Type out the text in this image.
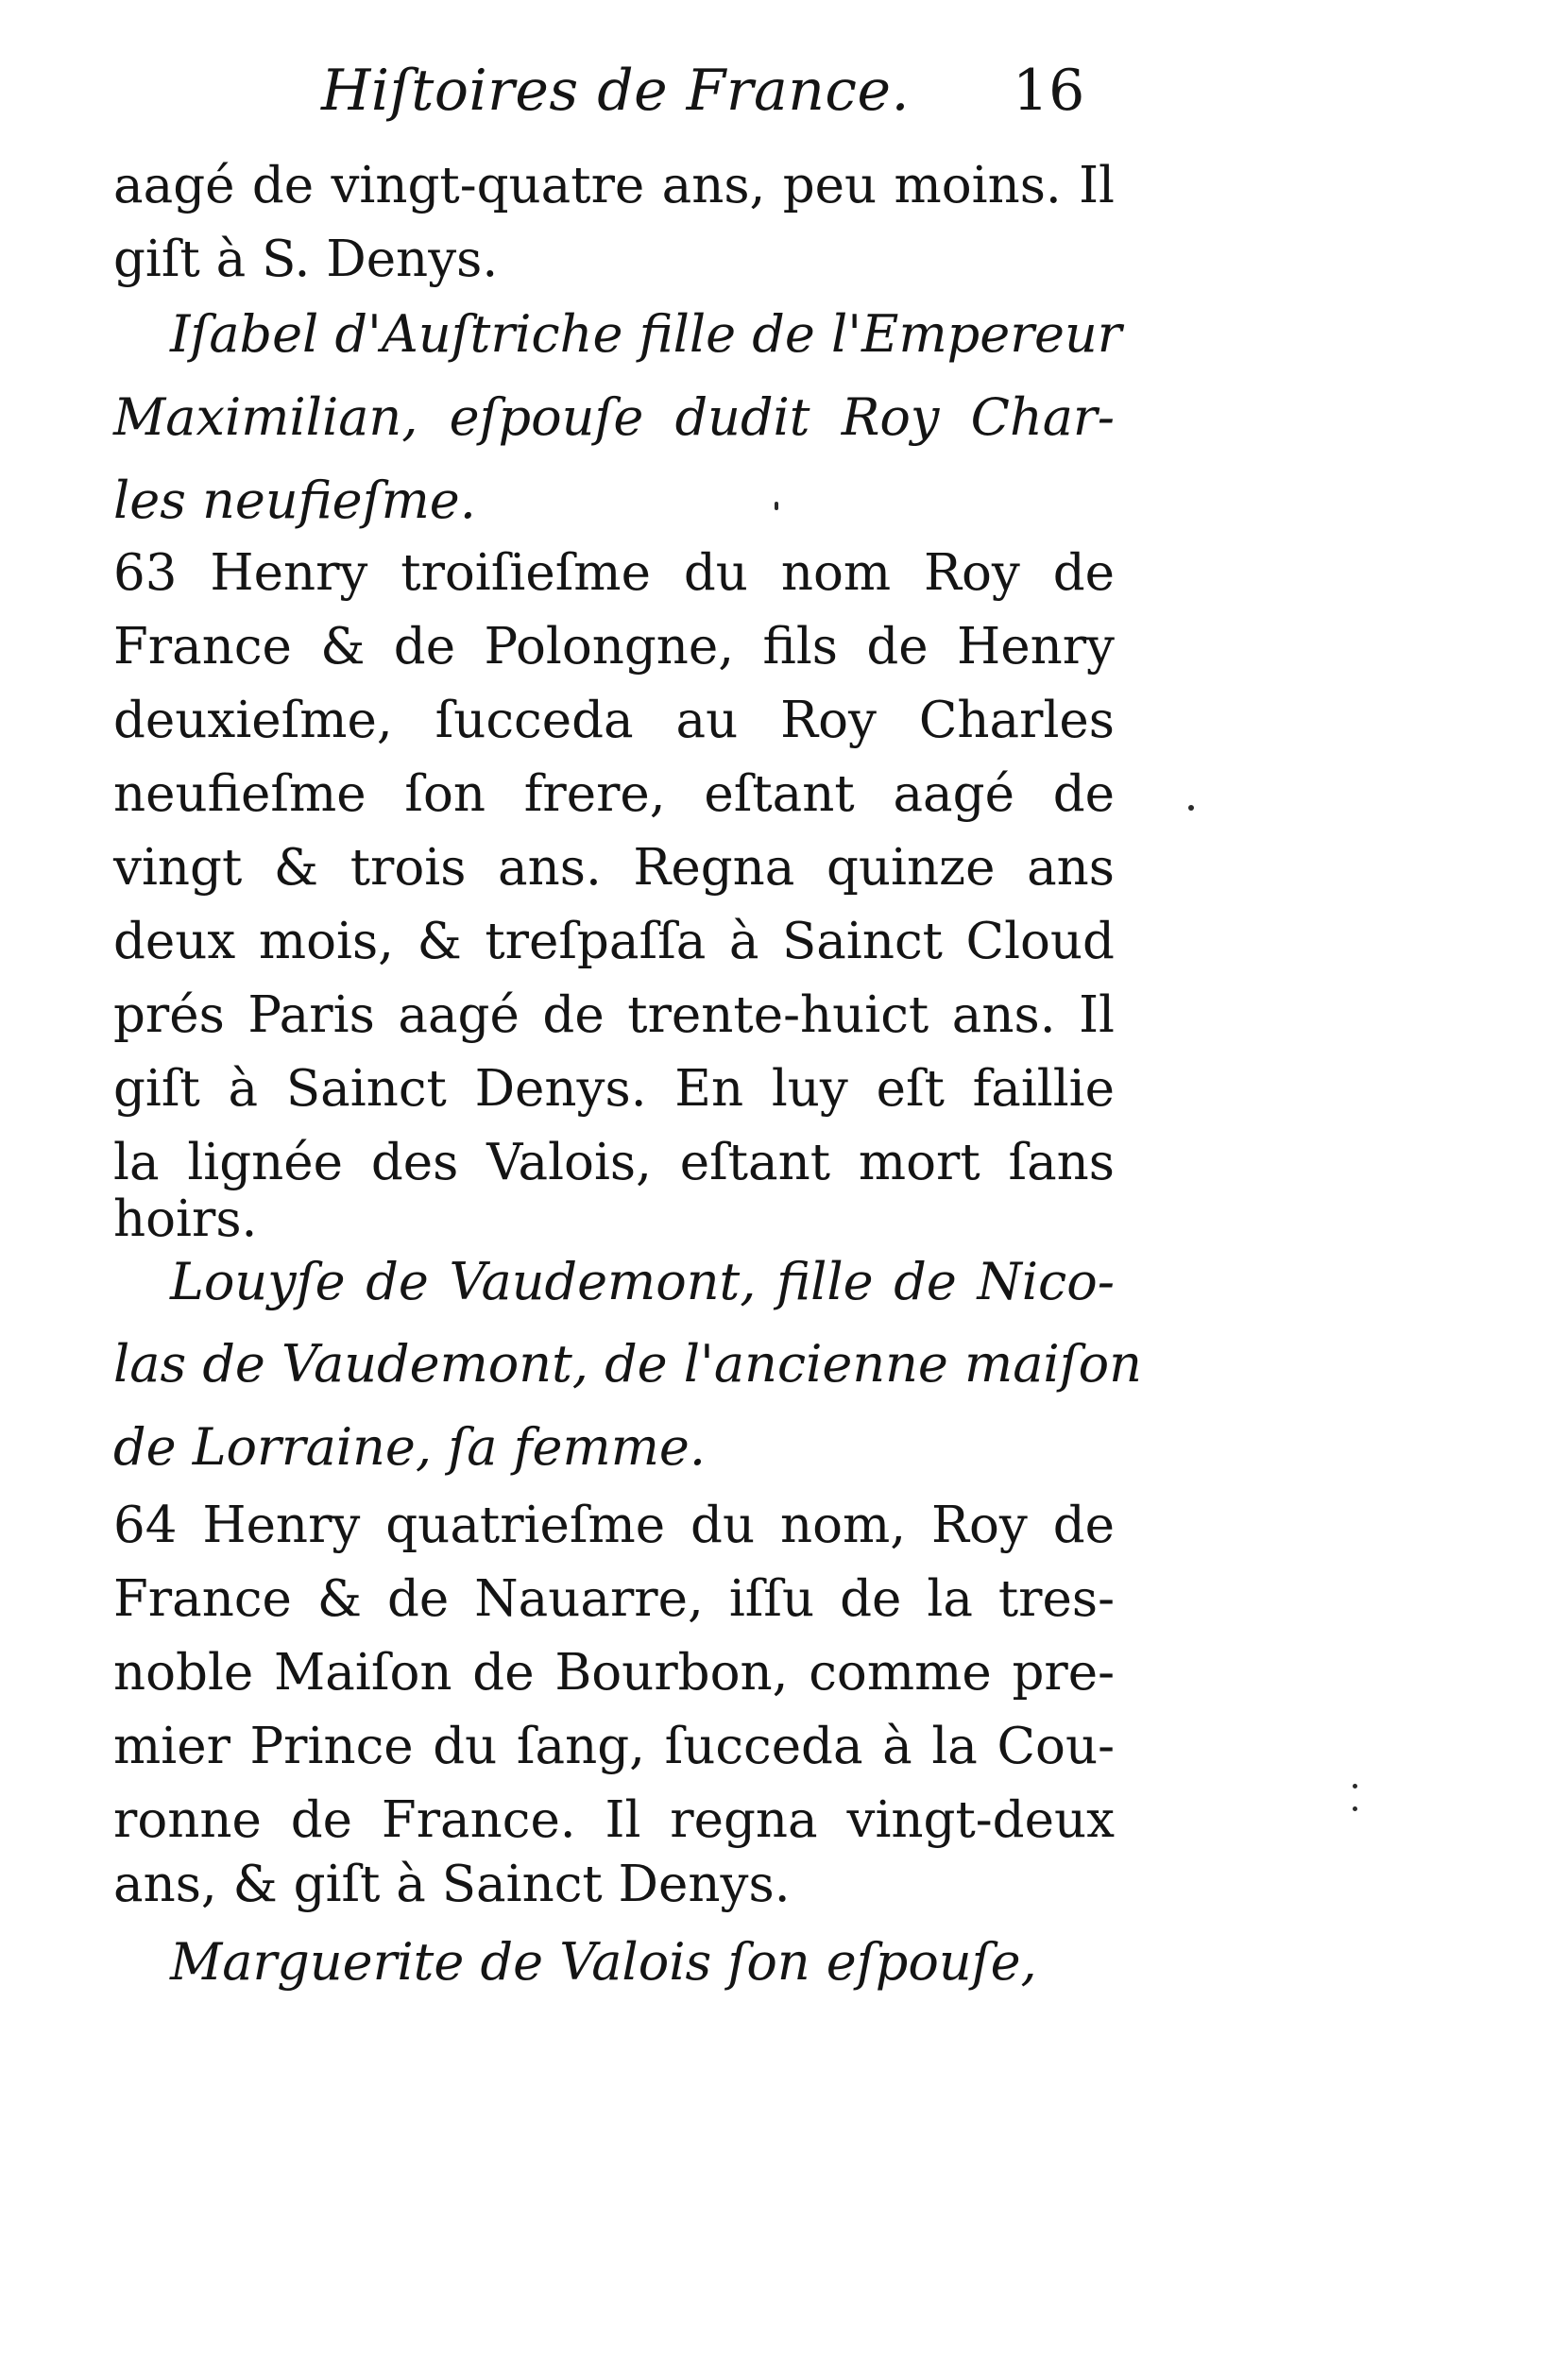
Hiſtoires de France. 16
aagé de vingt-quatre ans, peu moins. Il
giſt à S. Denys.
Iſabel d'Auſtriche fille de l'Empereur
Maximilian, eſpouſe dudit Roy Char-
les neufieſme.
63 Henry troiſieſme du nom Roy de
France & de Polongne, fils de Henry
deuxieſme, ſucceda au Roy Charles
neufieſme ſon frere, eſtant aagé de
vingt & trois ans. Regna quinze ans
deux mois, & treſpaſſa à Sainct Cloud
prés Paris aagé de trente-huict ans. Il
giſt à Sainct Denys. En luy eſt faillie
la lignée des Valois, eſtant mort ſans
hoirs.
Louyſe de Vaudemont, fille de Nico-
las de Vaudemont, de l'ancienne maiſon
de Lorraine, ſa femme.
64 Henry quatrieſme du nom, Roy de
France & de Nauarre, iſſu de la tres-
noble Maiſon de Bourbon, comme pre-
mier Prince du ſang, ſucceda à la Cou-
ronne de France. Il regna vingt-deux
ans, & giſt à Sainct Denys.
Marguerite de Valois ſon eſpouſe,
